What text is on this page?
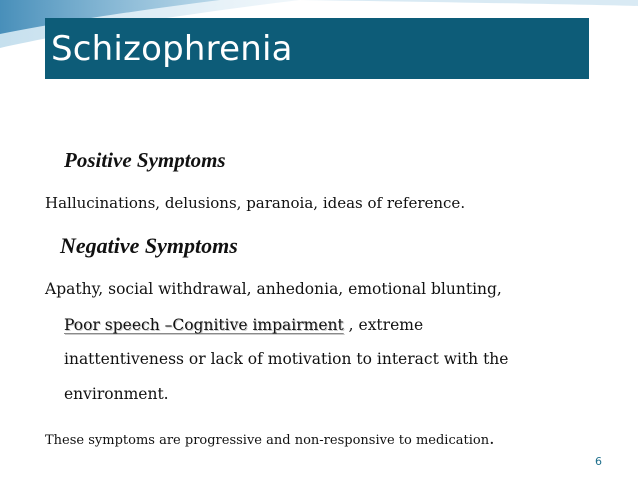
Schizophrenia
Positive Symptoms
Hallucinations, delusions, paranoia, ideas of reference.
Negative Symptoms
Apathy, social withdrawal, anhedonia, emotional blunting,
Poor speech –Cognitive impairment , extreme
inattentiveness or lack of motivation to interact with the
environment.
These symptoms are progressive and non-responsive to medication.
6
